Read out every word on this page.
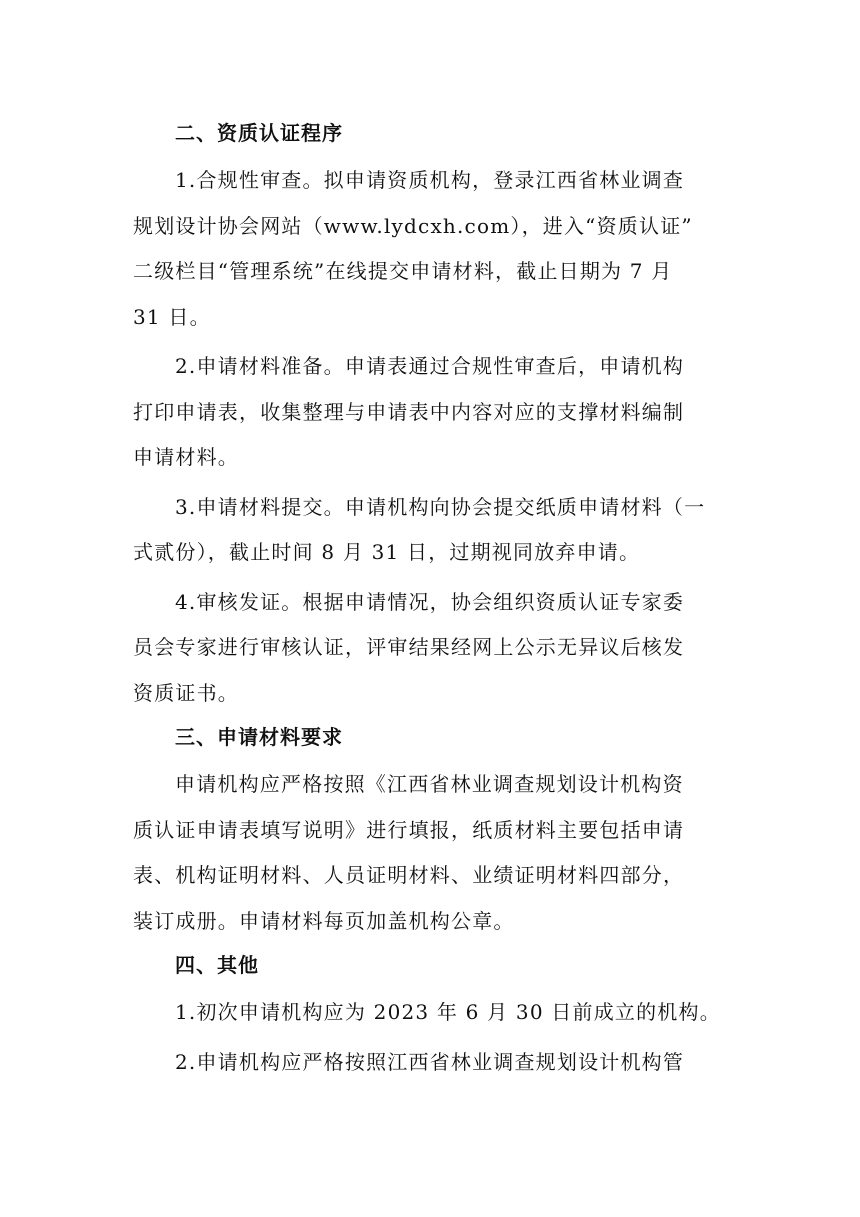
二、资质认证程序
1.合规性审查。拟申请资质机构，登录江西省林业调查
规划设计协会网站（www.lydcxh.com），进入“资质认证”
二级栏目“管理系统”在线提交申请材料，截止日期为 7 月
31 日。
2.申请材料准备。申请表通过合规性审查后，申请机构
打印申请表，收集整理与申请表中内容对应的支撑材料编制
申请材料。
3.申请材料提交。申请机构向协会提交纸质申请材料（一
式贰份），截止时间 8 月 31 日，过期视同放弃申请。
4.审核发证。根据申请情况，协会组织资质认证专家委
员会专家进行审核认证，评审结果经网上公示无异议后核发
资质证书。
三、申请材料要求
申请机构应严格按照《江西省林业调查规划设计机构资
质认证申请表填写说明》进行填报，纸质材料主要包括申请
表、机构证明材料、人员证明材料、业绩证明材料四部分，
装订成册。申请材料每页加盖机构公章。
四、其他
1.初次申请机构应为 2023 年 6 月 30 日前成立的机构。
2.申请机构应严格按照江西省林业调查规划设计机构管
